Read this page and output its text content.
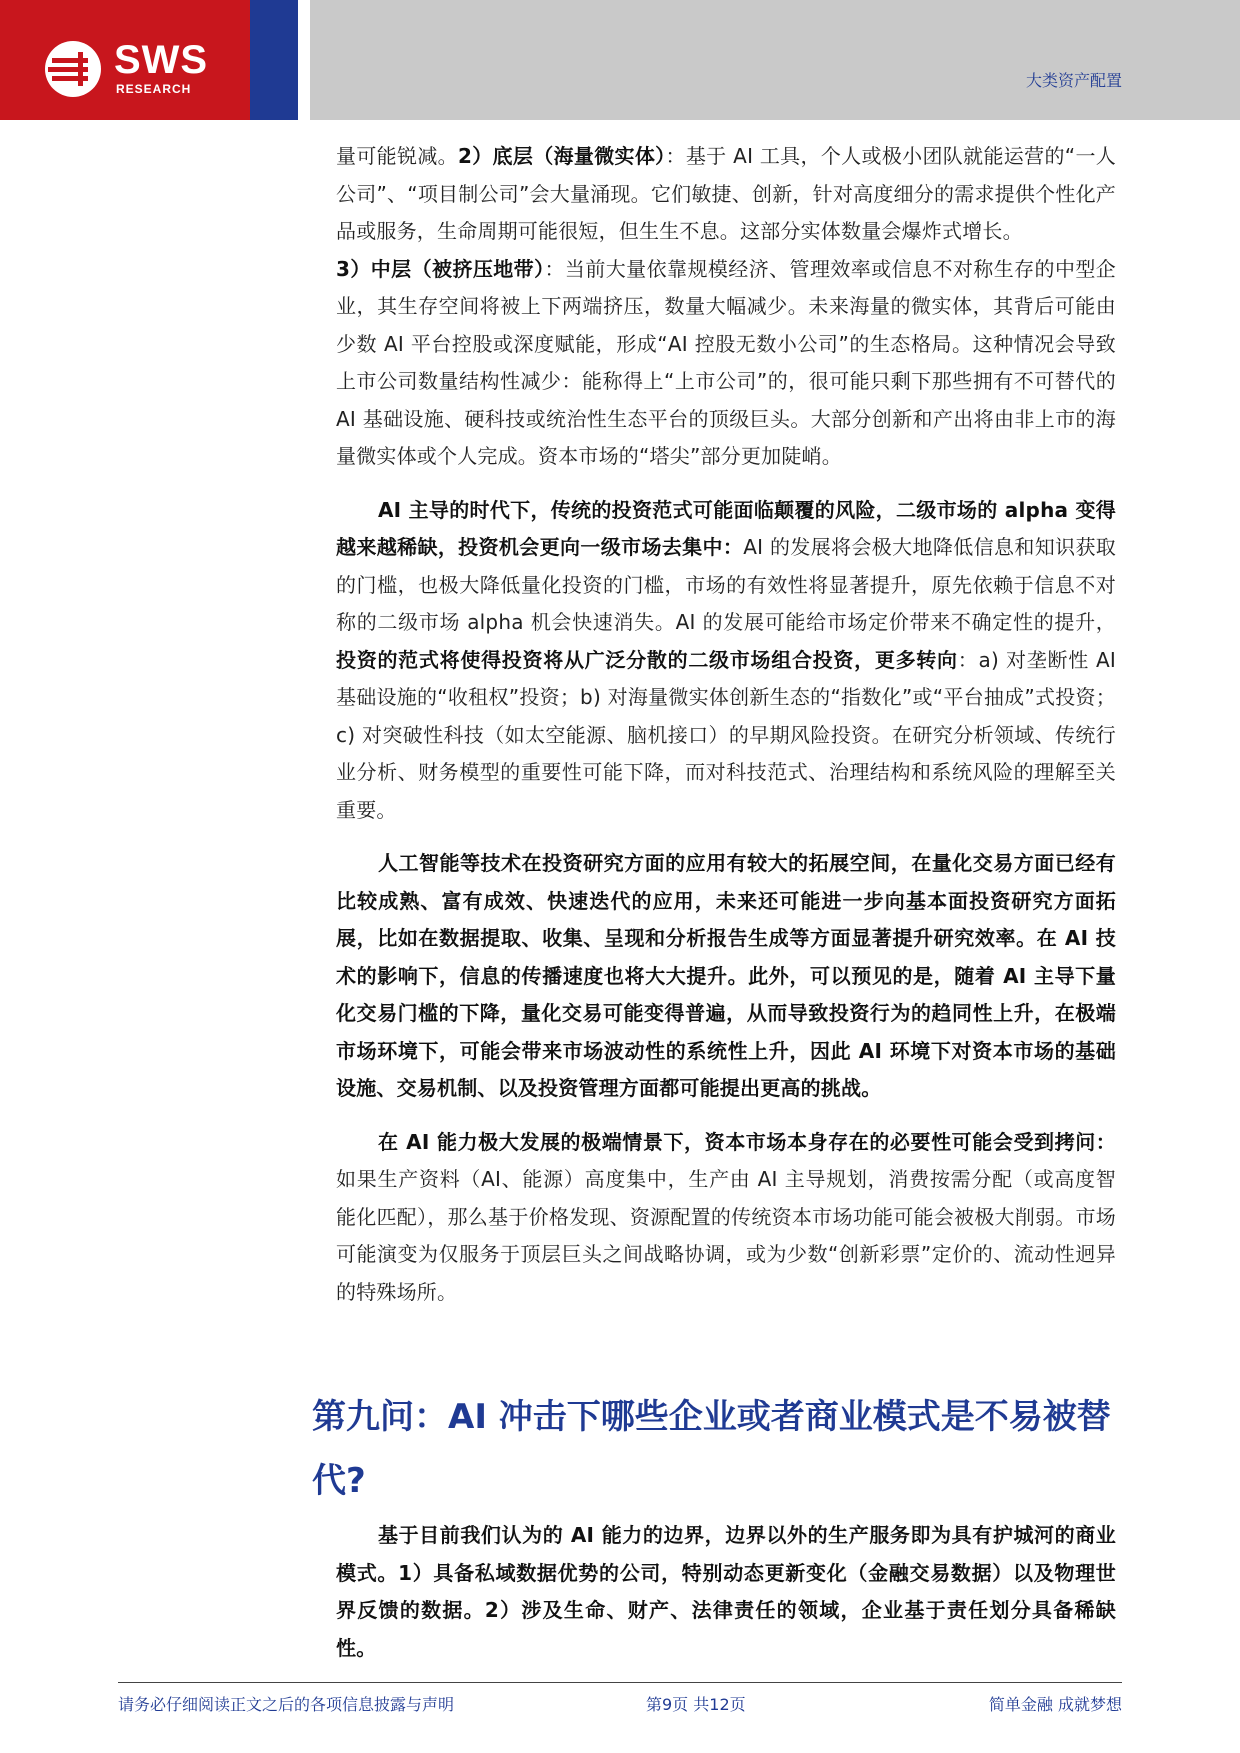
SWS
RESEARCH	大类资产配置

量可能锐减。2）底层（海量微实体）：基于 AI 工具，个人或极小团队就能运营的“一人公司”、“项目制公司”会大量涌现。它们敏捷、创新，针对高度细分的需求提供个性化产品或服务，生命周期可能很短，但生生不息。这部分实体数量会爆炸式增长。
3）中层（被挤压地带）：当前大量依靠规模经济、管理效率或信息不对称生存的中型企业，其生存空间将被上下两端挤压，数量大幅减少。未来海量的微实体，其背后可能由少数 AI 平台控股或深度赋能，形成“AI 控股无数小公司”的生态格局。这种情况会导致上市公司数量结构性减少：能称得上“上市公司”的，很可能只剩下那些拥有不可替代的 AI 基础设施、硬科技或统治性生态平台的顶级巨头。大部分创新和产出将由非上市的海量微实体或个人完成。资本市场的“塔尖”部分更加陡峭。

AI 主导的时代下，传统的投资范式可能面临颠覆的风险，二级市场的 alpha 变得越来越稀缺，投资机会更向一级市场去集中：AI 的发展将会极大地降低信息和知识获取的门槛，也极大降低量化投资的门槛，市场的有效性将显著提升，原先依赖于信息不对称的二级市场 alpha 机会快速消失。AI 的发展可能给市场定价带来不确定性的提升，投资的范式将使得投资将从广泛分散的二级市场组合投资，更多转向：a) 对垄断性 AI 基础设施的“收租权”投资；b) 对海量微实体创新生态的“指数化”或“平台抽成”式投资；c) 对突破性科技（如太空能源、脑机接口）的早期风险投资。在研究分析领域、传统行业分析、财务模型的重要性可能下降，而对科技范式、治理结构和系统风险的理解至关重要。

人工智能等技术在投资研究方面的应用有较大的拓展空间，在量化交易方面已经有比较成熟、富有成效、快速迭代的应用，未来还可能进一步向基本面投资研究方面拓展，比如在数据提取、收集、呈现和分析报告生成等方面显著提升研究效率。在 AI 技术的影响下，信息的传播速度也将大大提升。此外，可以预见的是，随着 AI 主导下量化交易门槛的下降，量化交易可能变得普遍，从而导致投资行为的趋同性上升，在极端市场环境下，可能会带来市场波动性的系统性上升，因此 AI 环境下对资本市场的基础设施、交易机制、以及投资管理方面都可能提出更高的挑战。

在 AI 能力极大发展的极端情景下，资本市场本身存在的必要性可能会受到拷问：如果生产资料（AI、能源）高度集中，生产由 AI 主导规划，消费按需分配（或高度智能化匹配），那么基于价格发现、资源配置的传统资本市场功能可能会被极大削弱。市场可能演变为仅服务于顶层巨头之间战略协调，或为少数“创新彩票”定价的、流动性迥异的特殊场所。

第九问：AI 冲击下哪些企业或者商业模式是不易被替代?

基于目前我们认为的 AI 能力的边界，边界以外的生产服务即为具有护城河的商业模式。1）具备私域数据优势的公司，特别动态更新变化（金融交易数据）以及物理世界反馈的数据。2）涉及生命、财产、法律责任的领域，企业基于责任划分具备稀缺性。

请务必仔细阅读正文之后的各项信息披露与声明	第9页 共12页	简单金融 成就梦想
